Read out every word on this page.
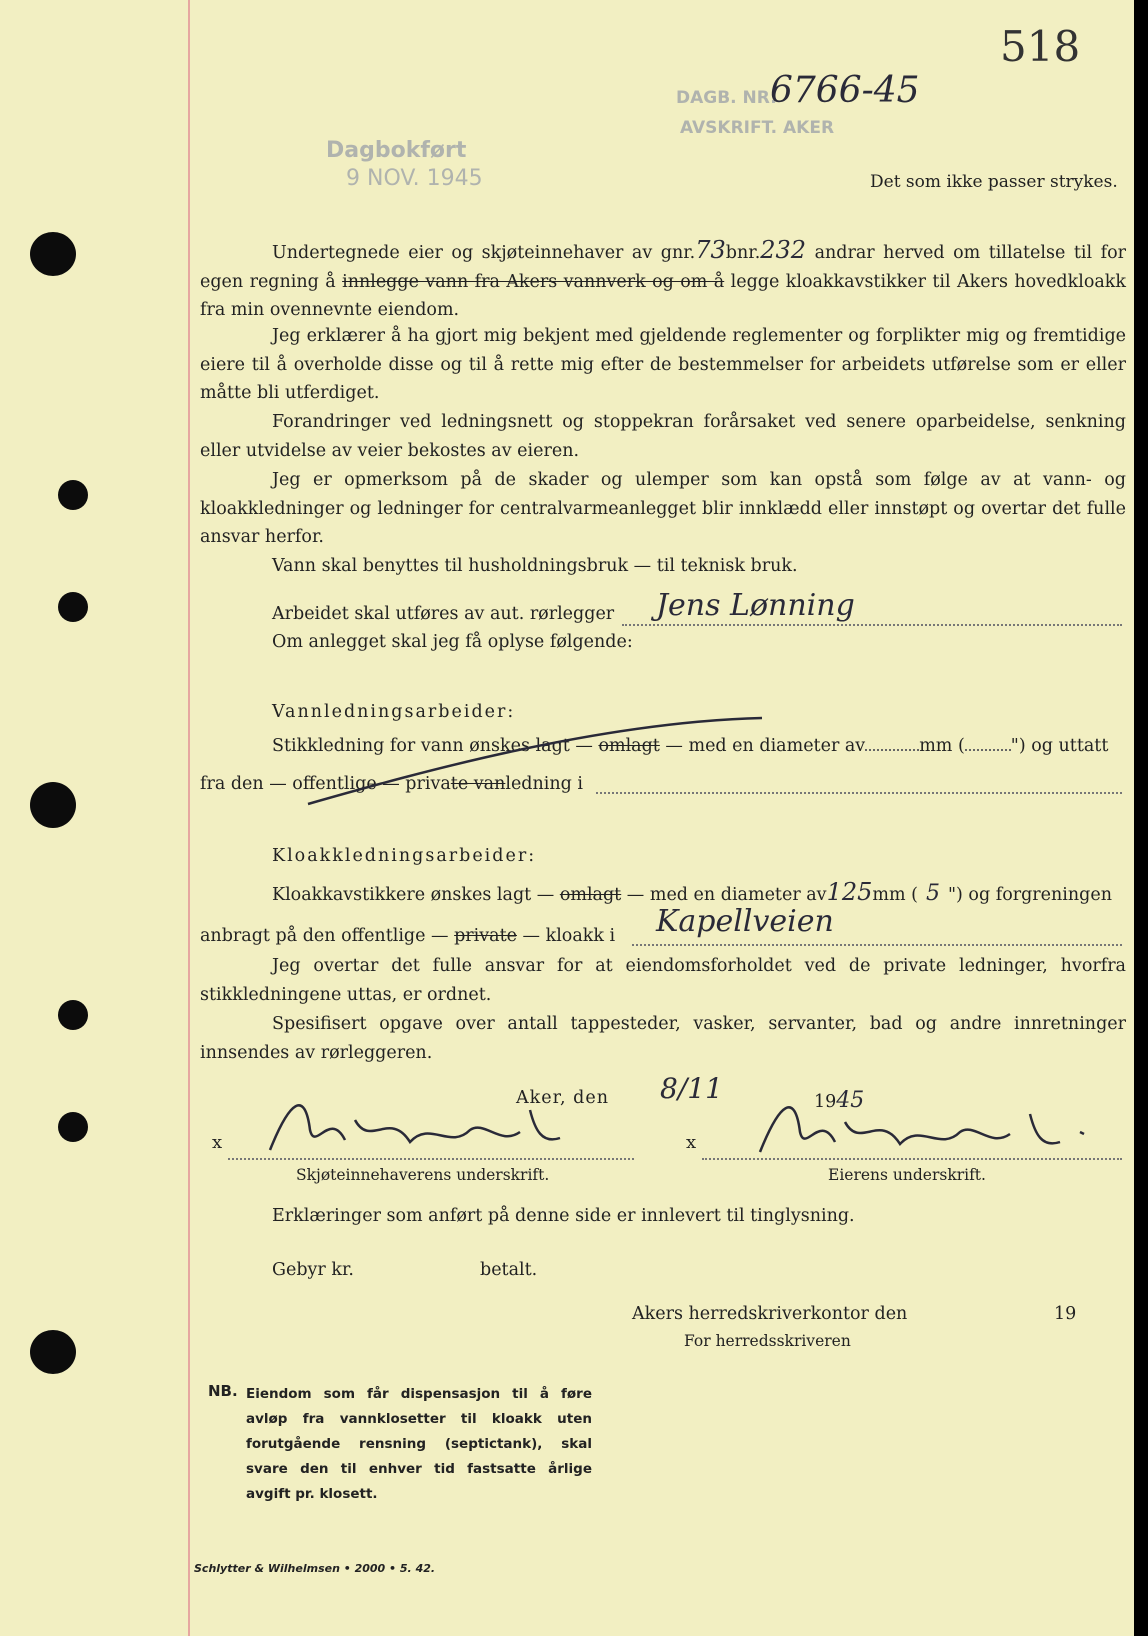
518
DAGB. NR.
6766-45
AVSKRIFT. AKER
Dagbokført
9 NOV. 1945	Det som ikke passer strykes.

Undertegnede eier og skjøteinnehaver av gnr.73bnr.232 andrar herved om tillatelse til for egen regning å innlegge vann fra Akers vannverk og om å legge kloakkavstikker til Akers hovedkloakk fra min ovennevnte eiendom.

Jeg erklærer å ha gjort mig bekjent med gjeldende reglementer og forplikter mig og fremtidige eiere til å overholde disse og til å rette mig efter de bestemmelser for arbeidets utførelse som er eller måtte bli utferdiget.

Forandringer ved ledningsnett og stoppekran forårsaket ved senere oparbeidelse, senkning eller utvidelse av veier bekostes av eieren.

Jeg er opmerksom på de skader og ulemper som kan opstå som følge av at vann- og kloakkledninger og ledninger for centralvarmeanlegget blir innklædd eller innstøpt og overtar det fulle ansvar herfor.

Vann skal benyttes til husholdningsbruk — til teknisk bruk.

Arbeidet skal utføres av aut. rørlegger Jens Lønning
Om anlegget skal jeg få oplyse følgende:
Vannledningsarbeider:
Stikkledning for vann ønskes lagt — omlagt — med en diameter av	mm (	") og uttatt
fra den — offentlige — private vanledning i
Kloakkledningsarbeider:
Kloakkavstikkere ønskes lagt — omlagt — med en diameter av125mm ( 5 ") og forgreningen
anbragt på den offentlige — private — kloakk i Kapellveien

Jeg overtar det fulle ansvar for at eiendomsforholdet ved de private ledninger, hvorfra stikkledningene uttas, er ordnet.

Spesifisert opgave over antall tappesteder, vasker, servanter, bad og andre innretninger innsendes av rørleggeren.

Aker, den 8/11	1945
x
Skjøteinnehaverens underskrift.
x
Eierens underskrift.
Erklæringer som anført på denne side er innlevert til tinglysning.
Gebyr kr.	betalt.
Akers herredskriverkontor den	19
For herredsskriveren
NB. Eiendom som får dispensasjon til å føre avløp fra vannklosetter til kloakk uten forutgående rensning (septictank), skal svare den til enhver tid fastsatte årlige avgift pr. klosett.
Schlytter & Wilhelmsen • 2000 • 5. 42.
